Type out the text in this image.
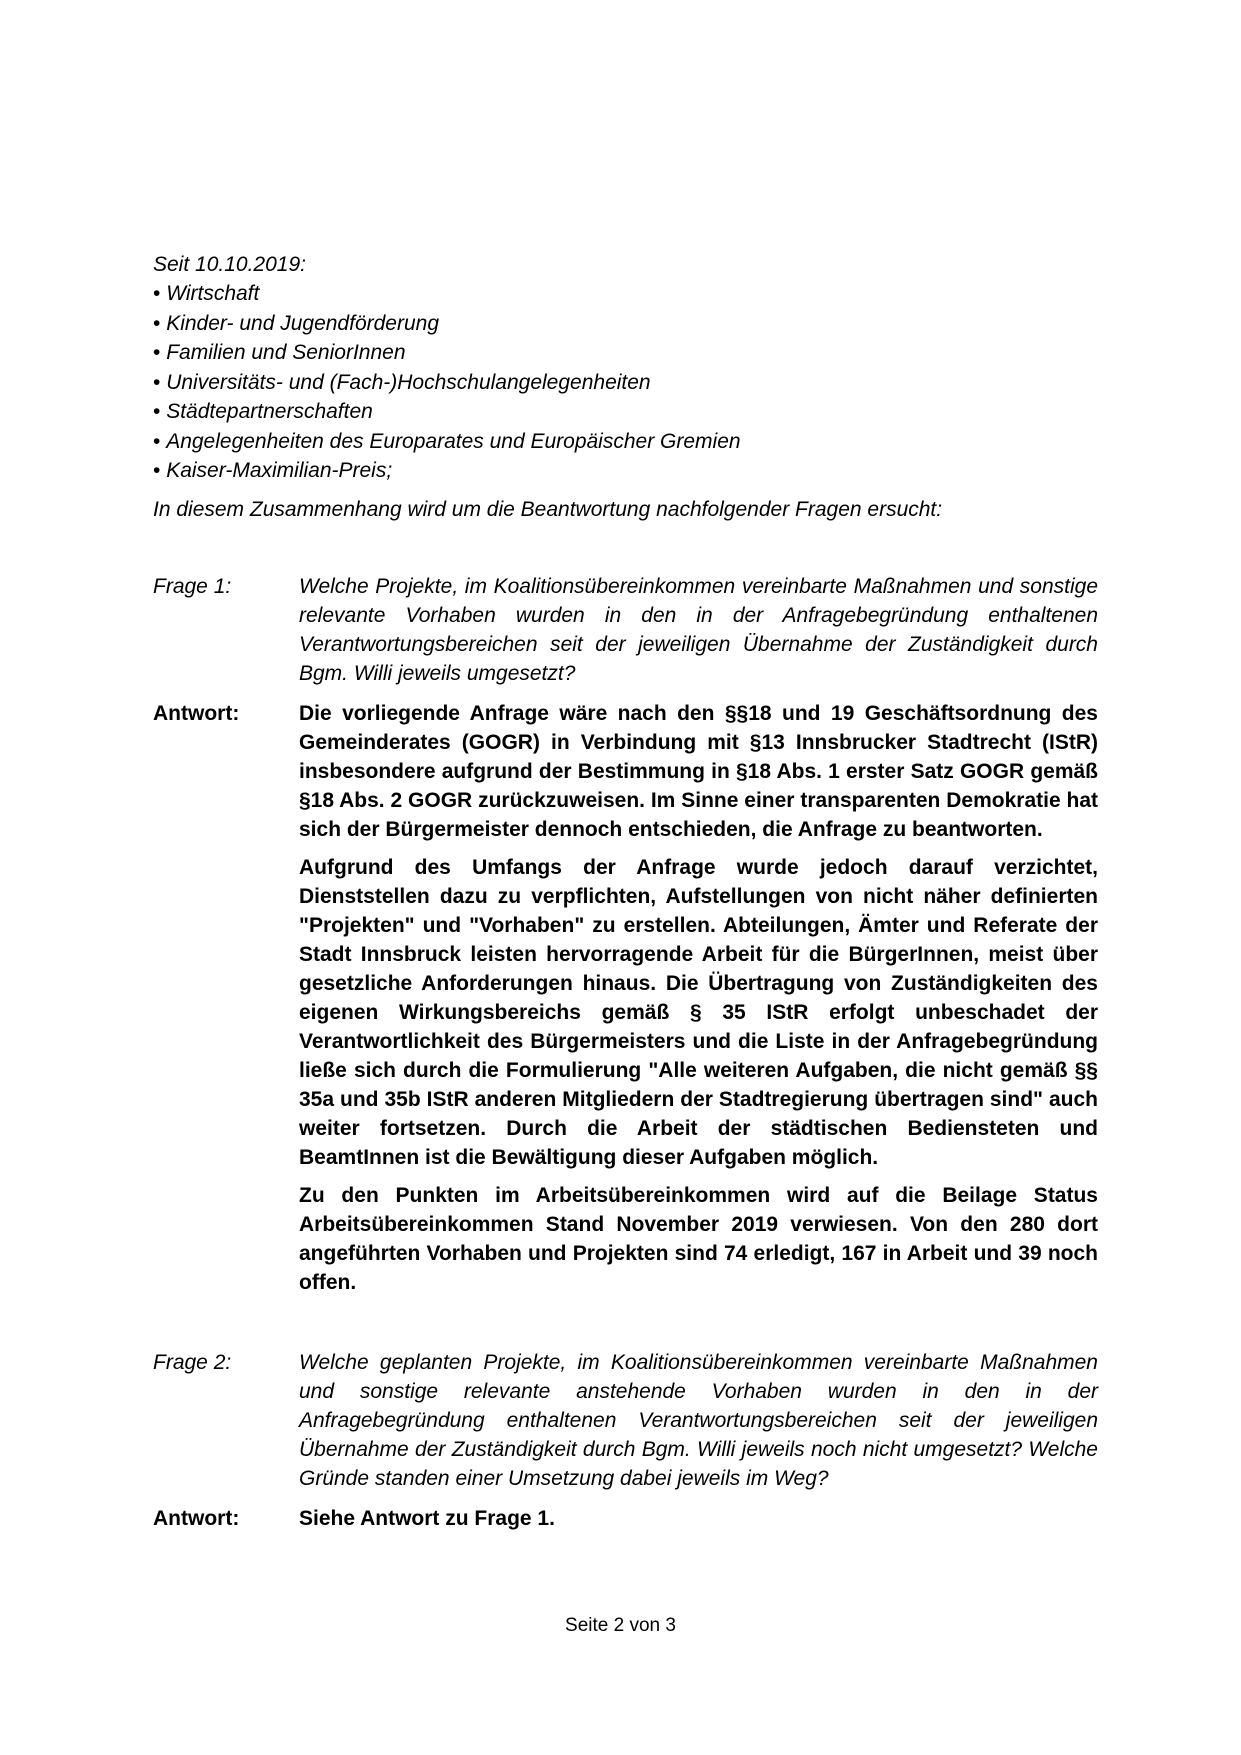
Seit 10.10.2019:

• Wirtschaft
• Kinder- und Jugendförderung
• Familien und SeniorInnen
• Universitäts- und (Fach-)Hochschulangelegenheiten
• Städtepartnerschaften
• Angelegenheiten des Europarates und Europäischer Gremien
• Kaiser-Maximilian-Preis;

In diesem Zusammenhang wird um die Beantwortung nachfolgender Fragen ersucht:

Frage 1:	Welche Projekte, im Koalitionsübereinkommen vereinbarte Maßnahmen und sonstige relevante Vorhaben wurden in den in der Anfragebegründung enthaltenen Verantwortungsbereichen seit der jeweiligen Übernahme der Zuständigkeit durch Bgm. Willi jeweils umgesetzt?
Antwort:	Die vorliegende Anfrage wäre nach den §§18 und 19 Geschäftsordnung des Gemeinderates (GOGR) in Verbindung mit §13 Innsbrucker Stadtrecht (IStR) insbesondere aufgrund der Bestimmung in §18 Abs. 1 erster Satz GOGR gemäß §18 Abs. 2 GOGR zurückzuweisen. Im Sinne einer transparenten Demokratie hat sich der Bürgermeister dennoch entschieden, die Anfrage zu beantworten.

Aufgrund des Umfangs der Anfrage wurde jedoch darauf verzichtet, Dienststellen dazu zu verpflichten, Aufstellungen von nicht näher definierten "Projekten" und "Vorhaben" zu erstellen. Abteilungen, Ämter und Referate der Stadt Innsbruck leisten hervorragende Arbeit für die BürgerInnen, meist über gesetzliche Anforderungen hinaus. Die Übertragung von Zuständigkeiten des eigenen Wirkungsbereichs gemäß § 35 IStR erfolgt unbeschadet der Verantwortlichkeit des Bürgermeisters und die Liste in der Anfragebegründung ließe sich durch die Formulierung "Alle weiteren Aufgaben, die nicht gemäß §§ 35a und 35b IStR anderen Mitgliedern der Stadtregierung übertragen sind" auch weiter fortsetzen. Durch die Arbeit der städtischen Bediensteten und BeamtInnen ist die Bewältigung dieser Aufgaben möglich.

Zu den Punkten im Arbeitsübereinkommen wird auf die Beilage Status Arbeitsübereinkommen Stand November 2019 verwiesen. Von den 280 dort angeführten Vorhaben und Projekten sind 74 erledigt, 167 in Arbeit und 39 noch offen.

Frage 2:	Welche geplanten Projekte, im Koalitionsübereinkommen vereinbarte Maßnahmen und sonstige relevante anstehende Vorhaben wurden in den in der Anfragebegründung enthaltenen Verantwortungsbereichen seit der jeweiligen Übernahme der Zuständigkeit durch Bgm. Willi jeweils noch nicht umgesetzt? Welche Gründe standen einer Umsetzung dabei jeweils im Weg?
Antwort:	Siehe Antwort zu Frage 1.
Seite 2 von 3
